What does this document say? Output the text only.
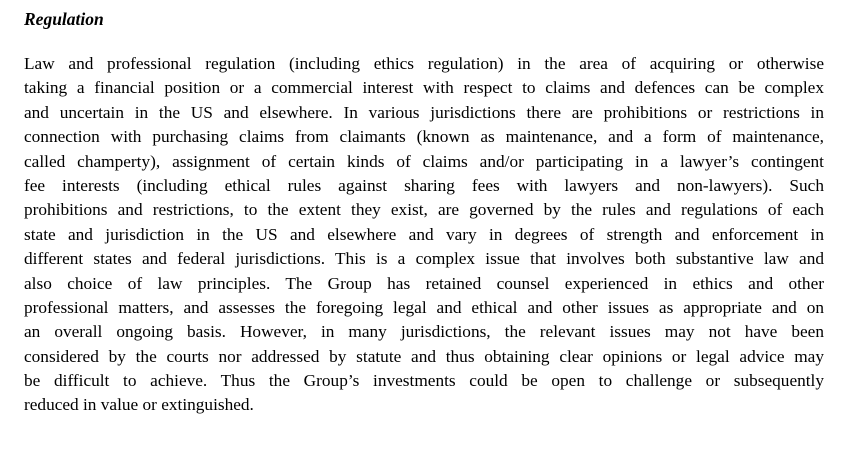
Regulation
Law and professional regulation (including ethics regulation) in the area of acquiring or otherwise
taking a financial position or a commercial interest with respect to claims and defences can be complex
and uncertain in the US and elsewhere. In various jurisdictions there are prohibitions or restrictions in
connection with purchasing claims from claimants (known as maintenance, and a form of maintenance,
called champerty), assignment of certain kinds of claims and/or participating in a lawyer’s contingent
fee interests (including ethical rules against sharing fees with lawyers and non-lawyers). Such
prohibitions and restrictions, to the extent they exist, are governed by the rules and regulations of each
state and jurisdiction in the US and elsewhere and vary in degrees of strength and enforcement in
different states and federal jurisdictions. This is a complex issue that involves both substantive law and
also choice of law principles. The Group has retained counsel experienced in ethics and other
professional matters, and assesses the foregoing legal and ethical and other issues as appropriate and on
an overall ongoing basis. However, in many jurisdictions, the relevant issues may not have been
considered by the courts nor addressed by statute and thus obtaining clear opinions or legal advice may
be difficult to achieve. Thus the Group’s investments could be open to challenge or subsequently
reduced in value or extinguished.
